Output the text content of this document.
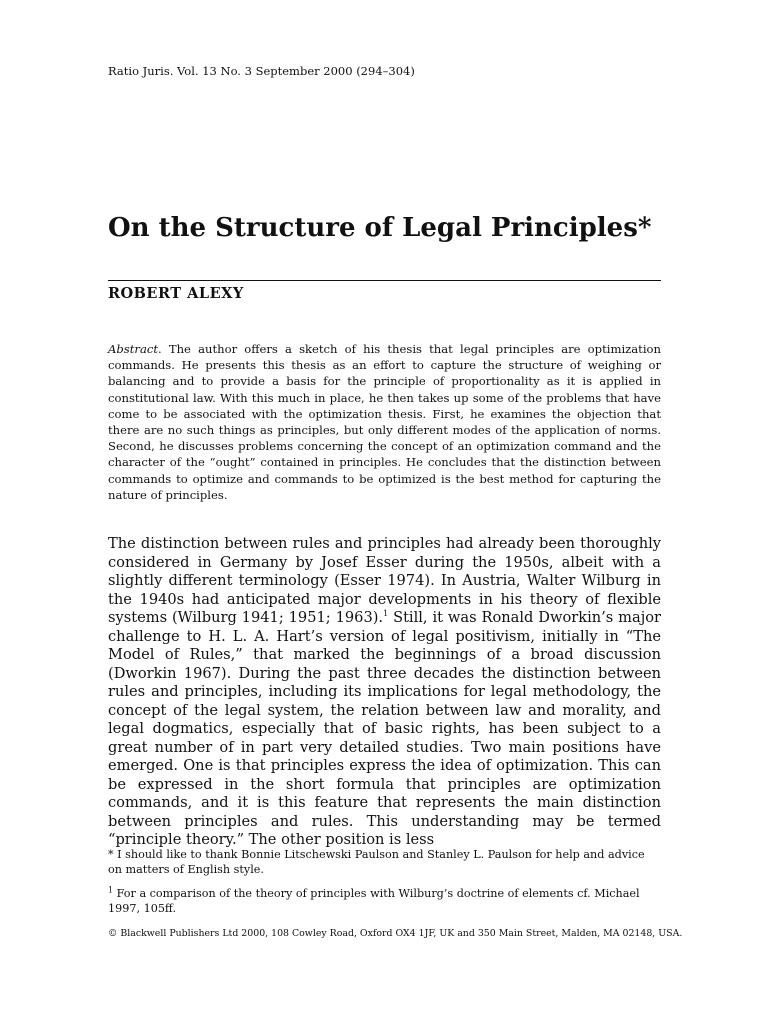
Ratio Juris. Vol. 13 No. 3 September 2000 (294–304)
On the Structure of Legal Principles*
ROBERT ALEXY

Abstract. The author offers a sketch of his thesis that legal principles are optimization commands. He presents this thesis as an effort to capture the structure of weighing or balancing and to provide a basis for the principle of proportionality as it is applied in constitutional law. With this much in place, he then takes up some of the problems that have come to be associated with the optimization thesis. First, he examines the objection that there are no such things as principles, but only different modes of the application of norms. Second, he discusses problems concerning the concept of an optimization command and the character of the “ought” contained in principles. He concludes that the distinction between commands to optimize and commands to be optimized is the best method for capturing the nature of principles.

The distinction between rules and principles had already been thoroughly considered in Germany by Josef Esser during the 1950s, albeit with a slightly different terminology (Esser 1974). In Austria, Walter Wilburg in the 1940s had anticipated major developments in his theory of flexible systems (Wilburg 1941; 1951; 1963).$^1$ Still, it was Ronald Dworkin’s major challenge to H. L. A. Hart’s version of legal positivism, initially in “The Model of Rules,” that marked the beginnings of a broad discussion (Dworkin 1967). During the past three decades the distinction between rules and principles, including its implications for legal methodology, the concept of the legal system, the relation between law and morality, and legal dogmatics, especially that of basic rights, has been subject to a great number of in part very detailed studies. Two main positions have emerged. One is that principles express the idea of optimization. This can be expressed in the short formula that principles are optimization commands, and it is this feature that represents the main distinction between principles and rules. This understanding may be termed “principle theory.” The other position is less

* I should like to thank Bonnie Litschewski Paulson and Stanley L. Paulson for help and advice on matters of English style.

$^1$ For a comparison of the theory of principles with Wilburg’s doctrine of elements cf. Michael 1997, 105ff.

© Blackwell Publishers Ltd 2000, 108 Cowley Road, Oxford OX4 1JF, UK and 350 Main Street, Malden, MA 02148, USA.
